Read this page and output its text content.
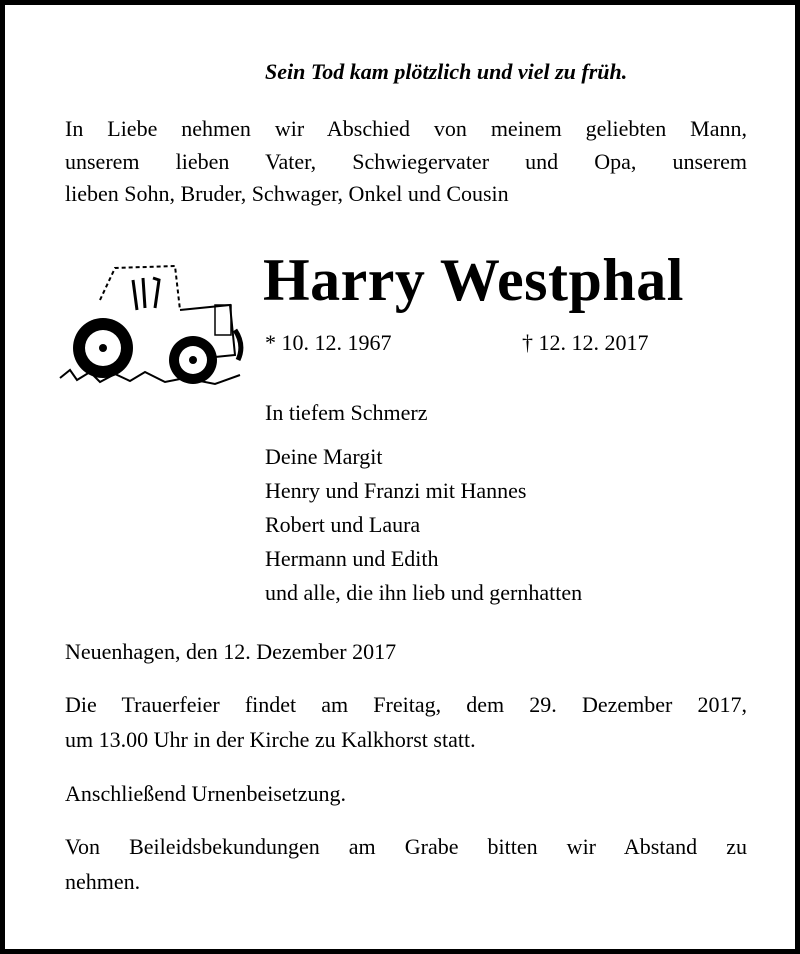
Sein Tod kam plötzlich und viel zu früh.
In Liebe nehmen wir Abschied von meinem geliebten Mann,
unserem lieben Vater, Schwiegervater und Opa, unserem
lieben Sohn, Bruder, Schwager, Onkel und Cousin
Harry Westphal
* 10. 12. 1967	† 12. 12. 2017
In tiefem Schmerz
Deine Margit
Henry und Franzi mit Hannes
Robert und Laura
Hermann und Edith
und alle, die ihn lieb und gernhatten
Neuenhagen, den 12. Dezember 2017
Die Trauerfeier findet am Freitag, dem 29. Dezember 2017,
um 13.00 Uhr in der Kirche zu Kalkhorst statt.
Anschließend Urnenbeisetzung.
Von Beileidsbekundungen am Grabe bitten wir Abstand zu
nehmen.
